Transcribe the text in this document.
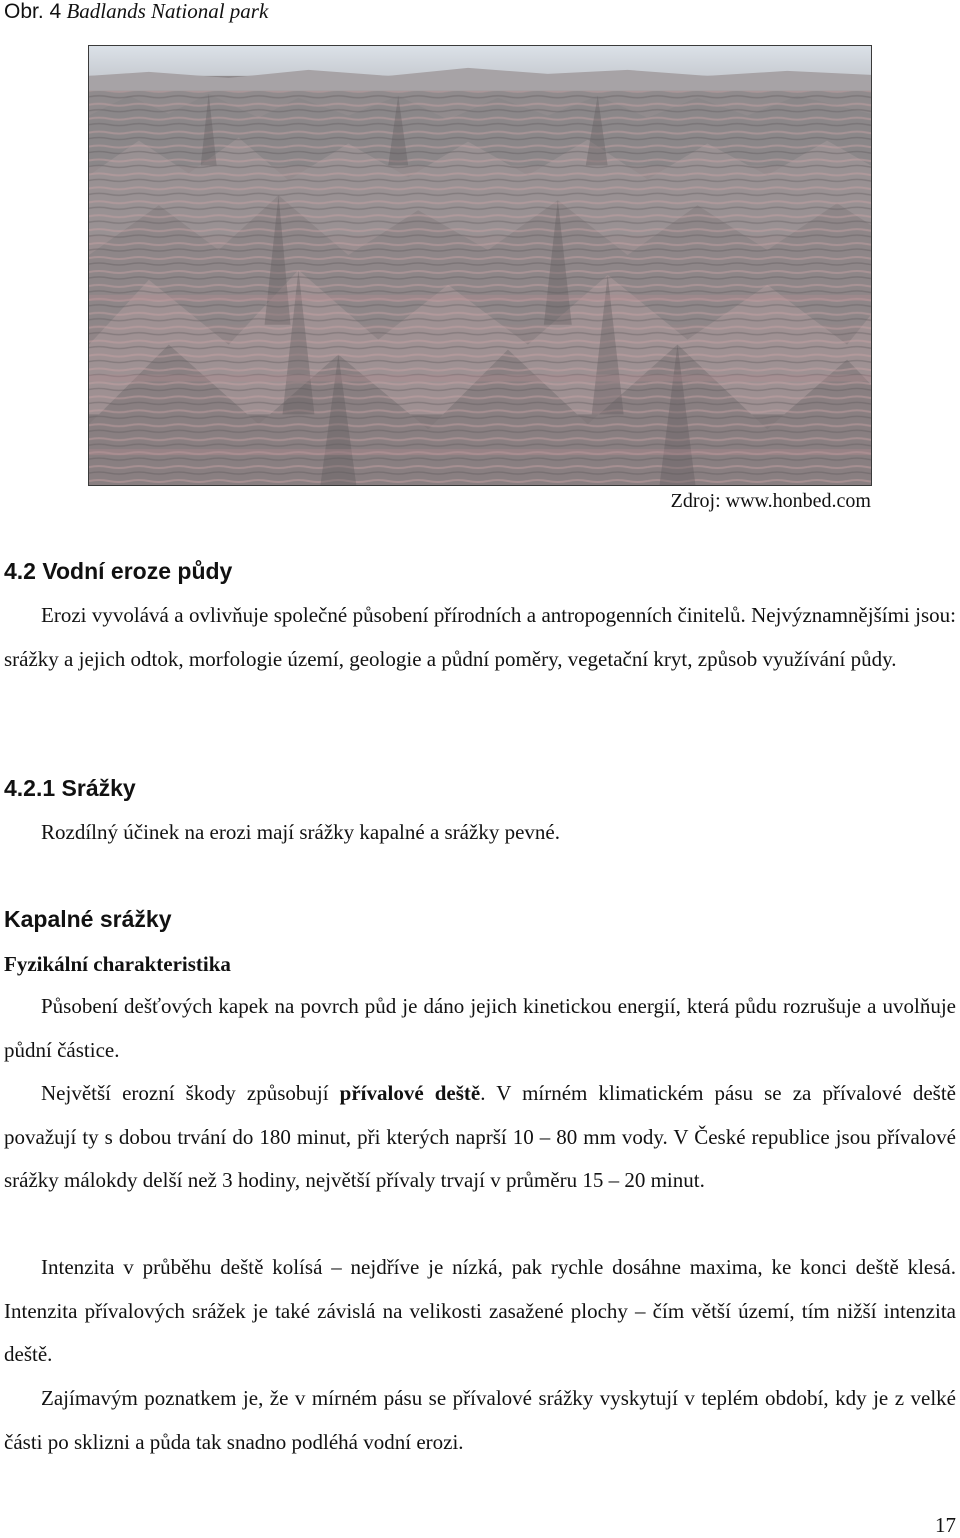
Obr. 4 Badlands National park
Zdroj: www.honbed.com
4.2 Vodní eroze půdy

Erozi vyvolává a ovlivňuje společné působení přírodních a antropogenních činitelů. Nejvýznamnějšími jsou: srážky a jejich odtok, morfologie území, geologie a půdní poměry, vegetační kryt, způsob využívání půdy.

4.2.1 Srážky

Rozdílný účinek na erozi mají srážky kapalné a srážky pevné.

Kapalné srážky
Fyzikální charakteristika

Působení dešťových kapek na povrch půd je dáno jejich kinetickou energií, která půdu rozrušuje a uvolňuje půdní částice.

Největší erozní škody způsobují přívalové deště. V mírném klimatickém pásu se za přívalové deště považují ty s dobou trvání do 180 minut, při kterých naprší 10 – 80 mm vody. V České republice jsou přívalové srážky málokdy delší než 3 hodiny, největší přívaly trvají v průměru 15 – 20 minut.

Intenzita v průběhu deště kolísá – nejdříve je nízká, pak rychle dosáhne maxima, ke konci deště klesá. Intenzita přívalových srážek je také závislá na velikosti zasažené plochy – čím větší území, tím nižší intenzita deště.

Zajímavým poznatkem je, že v mírném pásu se přívalové srážky vyskytují v teplém období, kdy je z velké části po sklizni a půda tak snadno podléhá vodní erozi.

17
